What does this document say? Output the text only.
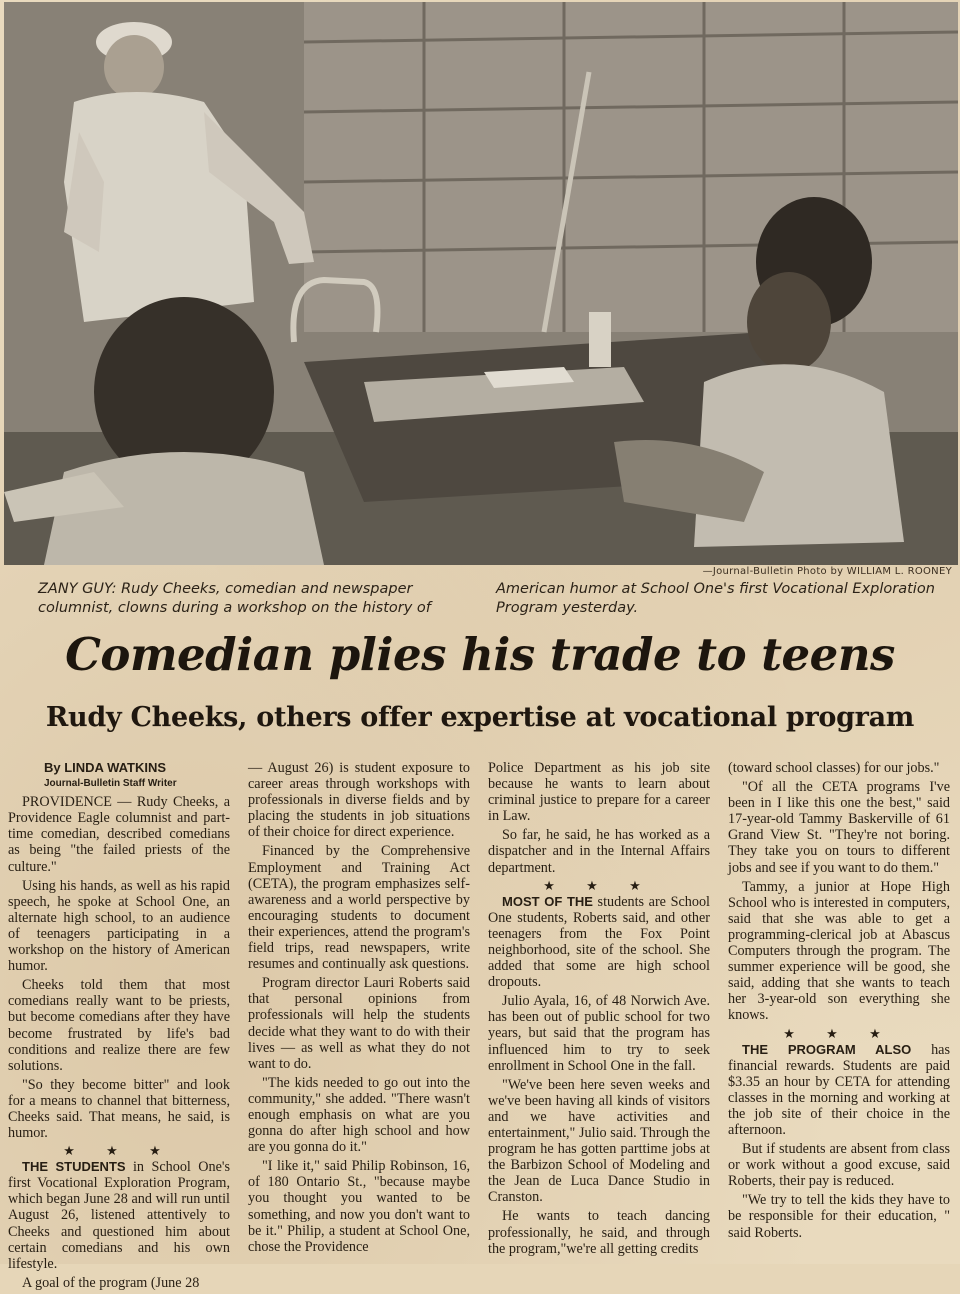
—Journal-Bulletin Photo by WILLIAM L. ROONEY
ZANY GUY: Rudy Cheeks, comedian and newspaper columnist, clowns during a workshop on the history of
American humor at School One's first Vocational Exploration Program yesterday.
Comedian plies his trade to teens
Rudy Cheeks, others offer expertise at vocational program

By LINDA WATKINS

Journal-Bulletin Staff Writer

PROVIDENCE — Rudy Cheeks, a Providence Eagle columnist and part-time comedian, described comedians as being "the failed priests of the culture."

Using his hands, as well as his rapid speech, he spoke at School One, an alternate high school, to an audience of teenagers participating in a workshop on the history of American humor.

Cheeks told them that most comedians really want to be priests, but become comedians after they have become frustrated by life's bad conditions and realize there are few solutions.

"So they become bitter" and look for a means to channel that bitterness, Cheeks said. That means, he said, is humor.

★ ★ ★

THE STUDENTS in School One's first Vocational Exploration Program, which began June 28 and will run until August 26, listened attentively to Cheeks and questioned him about certain comedians and his own lifestyle.

A goal of the program (June 28

— August 26) is student exposure to career areas through workshops with professionals in diverse fields and by placing the students in job situations of their choice for direct experience.

Financed by the Comprehensive Employment and Training Act (CETA), the program emphasizes self-awareness and a world perspective by encouraging students to document their experiences, attend the program's field trips, read newspapers, write resumes and continually ask questions.

Program director Lauri Roberts said that personal opinions from professionals will help the students decide what they want to do with their lives — as well as what they do not want to do.

"The kids needed to go out into the community," she added. "There wasn't enough emphasis on what are you gonna do after high school and how are you gonna do it."

"I like it," said Philip Robinson, 16, of 180 Ontario St., "because maybe you thought you wanted to be something, and now you don't want to be it." Philip, a student at School One, chose the Providence

Police Department as his job site because he wants to learn about criminal justice to prepare for a career in Law.

So far, he said, he has worked as a dispatcher and in the Internal Affairs department.

★ ★ ★

MOST OF THE students are School One students, Roberts said, and other teenagers from the Fox Point neighborhood, site of the school. She added that some are high school dropouts.

Julio Ayala, 16, of 48 Norwich Ave. has been out of public school for two years, but said that the program has influenced him to try to seek enrollment in School One in the fall.

"We've been here seven weeks and we've been having all kinds of visitors and we have activities and entertainment," Julio said. Through the program he has gotten parttime jobs at the Barbizon School of Modeling and the Jean de Luca Dance Studio in Cranston.

He wants to teach dancing professionally, he said, and through the program,"we're all getting credits

(toward school classes) for our jobs."

"Of all the CETA programs I've been in I like this one the best," said 17-year-old Tammy Baskerville of 61 Grand View St. "They're not boring. They take you on tours to different jobs and see if you want to do them."

Tammy, a junior at Hope High School who is interested in computers, said that she was able to get a programming-clerical job at Abascus Computers through the program. The summer experience will be good, she said, adding that she wants to teach her 3-year-old son everything she knows.

★ ★ ★

THE PROGRAM ALSO has financial rewards. Students are paid $3.35 an hour by CETA for attending classes in the morning and working at the job site of their choice in the afternoon.

But if students are absent from class or work without a good excuse, said Roberts, their pay is reduced.

"We try to tell the kids they have to be responsible for their education, " said Roberts.
